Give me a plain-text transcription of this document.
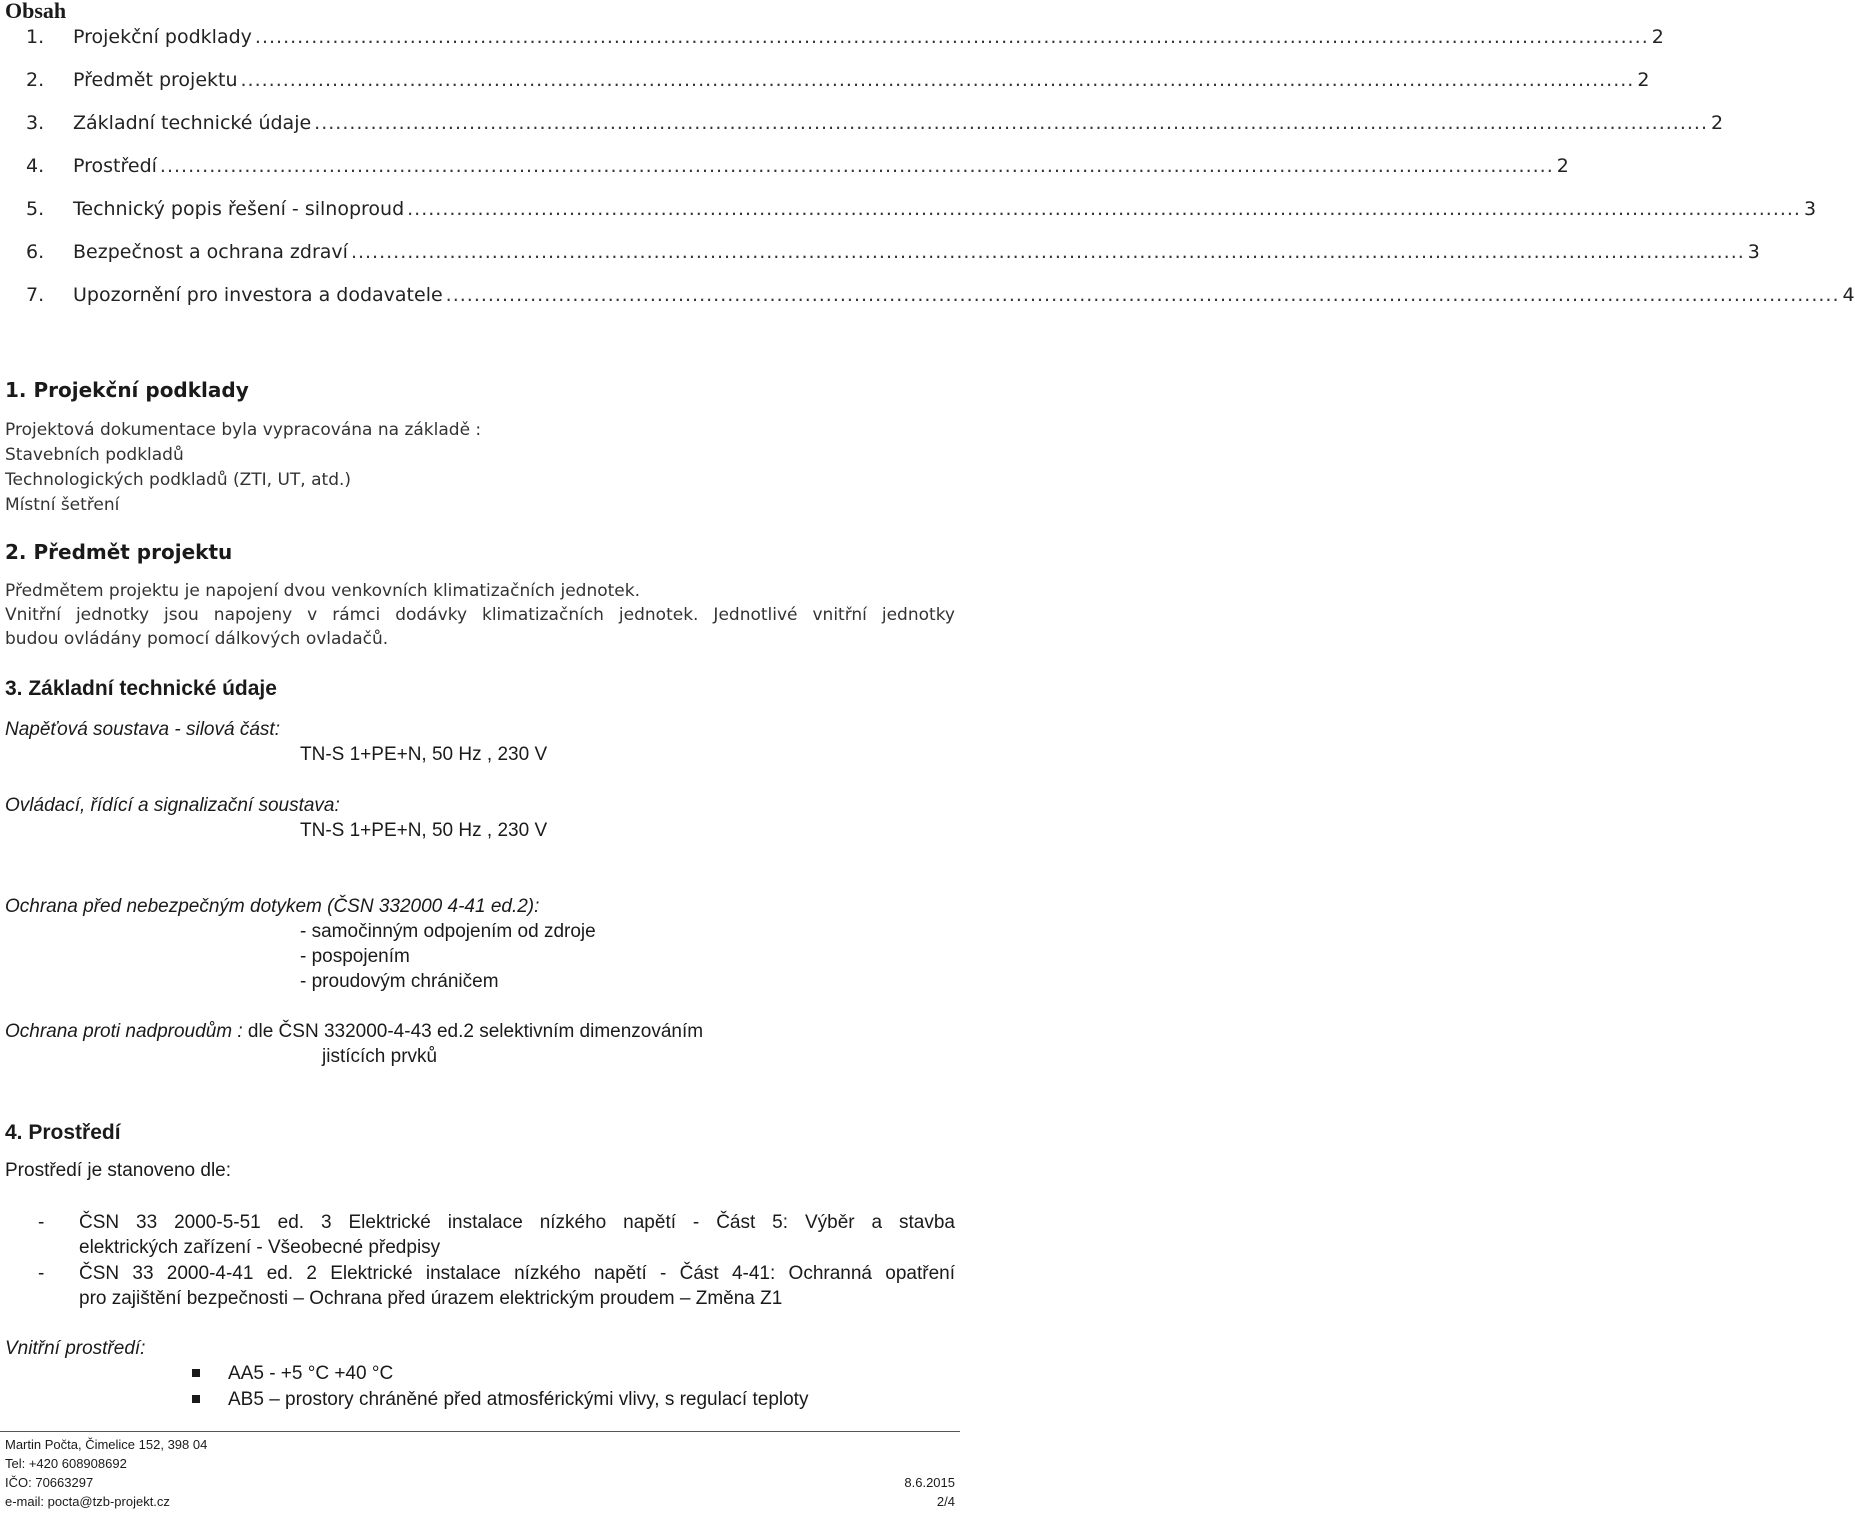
Obsah
1.	Projekční podklady ...................................................................................................................................................................................................... 2
2.	Předmět projektu ...................................................................................................................................................................................................... 2
3.	Základní technické údaje ...................................................................................................................................................................................................... 2
4.	Prostředí ...................................................................................................................................................................................................... 2
5.	Technický popis řešení - silnoproud ...................................................................................................................................................................................................... 3
6.	Bezpečnost a ochrana zdraví ...................................................................................................................................................................................................... 3
7.	Upozornění pro investora a dodavatele ...................................................................................................................................................................................................... 4
1. Projekční podklady
Projektová dokumentace byla vypracována na základě :
Stavebních podkladů
Technologických podkladů (ZTI, UT, atd.)
Místní šetření
2. Předmět projektu
Předmětem projektu je napojení dvou venkovních klimatizačních jednotek.
Vnitřní jednotky jsou napojeny v rámci dodávky klimatizačních jednotek. Jednotlivé vnitřní jednotky
budou ovládány pomocí dálkových ovladačů.
3. Základní technické údaje
Napěťová soustava - silová část:
TN-S 1+PE+N, 50 Hz , 230 V
Ovládací, řídící a signalizační soustava:
TN-S 1+PE+N, 50 Hz , 230 V
Ochrana před nebezpečným dotykem (ČSN 332000 4-41 ed.2):
- samočinným odpojením od zdroje
- pospojením
- proudovým chráničem
Ochrana proti nadproudům : dle ČSN 332000-4-43 ed.2 selektivním dimenzováním
jistících prvků
4. Prostředí
Prostředí je stanoveno dle:
- ČSN 33 2000-5-51 ed. 3 Elektrické instalace nízkého napětí - Část 5: Výběr a stavba
elektrických zařízení - Všeobecné předpisy
- ČSN 33 2000-4-41 ed. 2 Elektrické instalace nízkého napětí - Část 4-41: Ochranná opatření
pro zajištění bezpečnosti – Ochrana před úrazem elektrickým proudem – Změna Z1
Vnitřní prostředí:
AA5 - +5 °C +40 °C
AB5 – prostory chráněné před atmosférickými vlivy, s regulací teploty
Martin Počta, Čimelice 152, 398 04
Tel: +420 608908692
IČO: 70663297
e-mail: pocta@tzb-projekt.cz
8.6.2015
2/4
